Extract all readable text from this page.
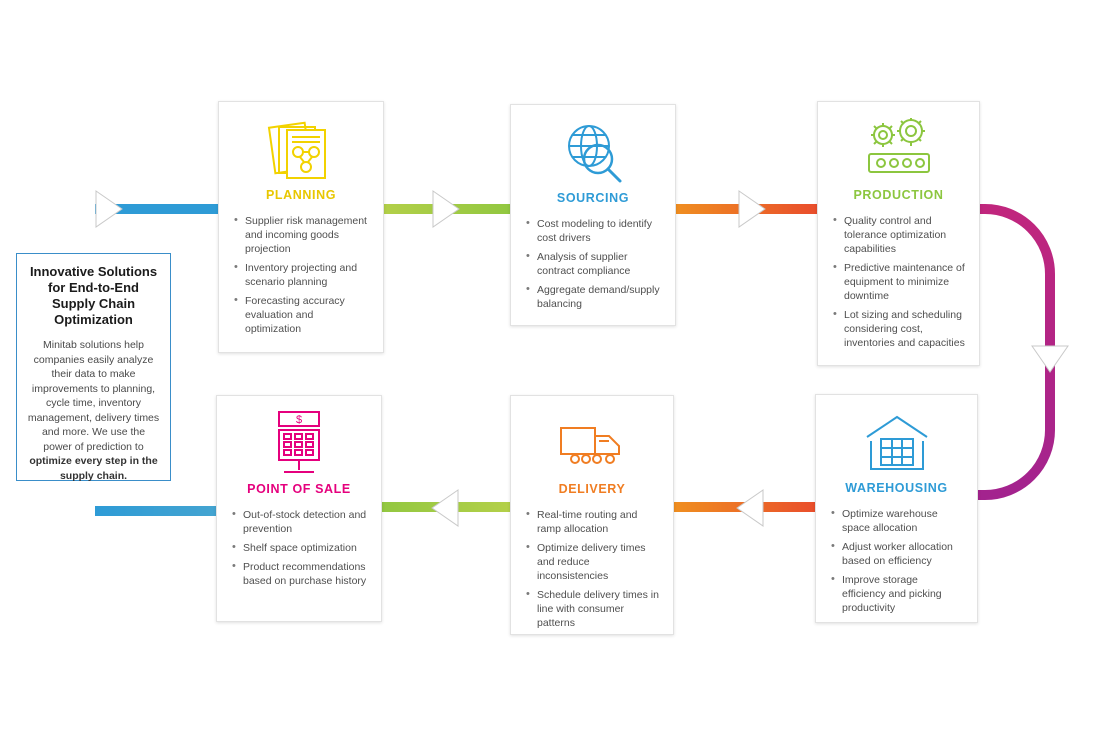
Innovative Solutions for End-to-End Supply Chain Optimization
Minitab solutions help companies easily analyze their data to make improvements to planning, cycle time, inventory management, delivery times and more. We use the power of prediction to optimize every step in the supply chain.
PLANNING
• Supplier risk management and incoming goods projection
• Inventory projecting and scenario planning
• Forecasting accuracy evaluation and optimization
SOURCING
• Cost modeling to identify cost drivers
• Analysis of supplier contract compliance
• Aggregate demand/supply balancing
PRODUCTION
• Quality control and tolerance optimization capabilities
• Predictive maintenance of equipment to minimize downtime
• Lot sizing and scheduling considering cost, inventories and capacities
WAREHOUSING
• Optimize warehouse space allocation
• Adjust worker allocation based on efficiency
• Improve storage efficiency and picking productivity
DELIVERY
• Real-time routing and ramp allocation
• Optimize delivery times and reduce inconsistencies
• Schedule delivery times in line with consumer patterns
$
POINT OF SALE
• Out-of-stock detection and prevention
• Shelf space optimization
• Product recommendations based on purchase history
